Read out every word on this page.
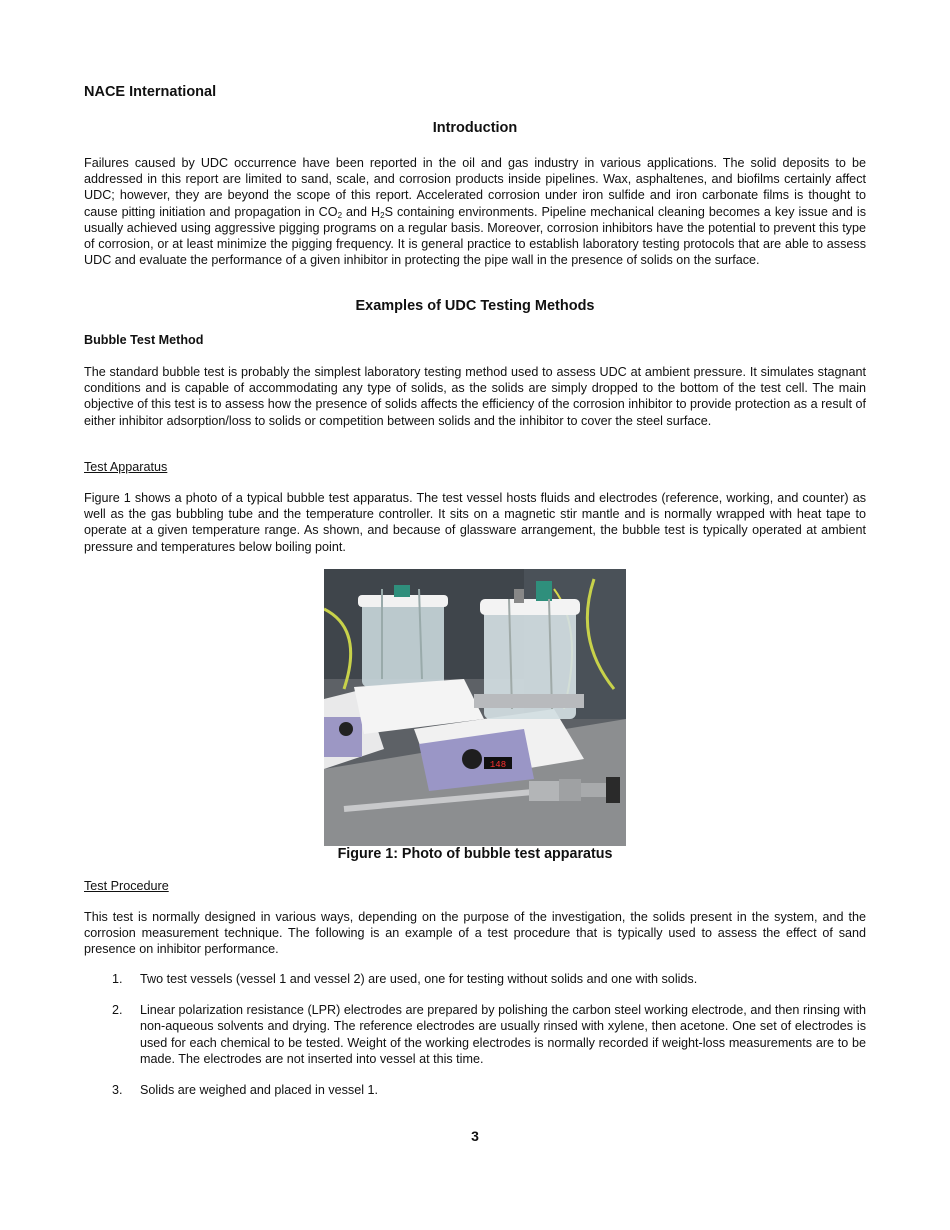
NACE International
Introduction

Failures caused by UDC occurrence have been reported in the oil and gas industry in various applications. The solid deposits to be addressed in this report are limited to sand, scale, and corrosion products inside pipelines. Wax, asphaltenes, and biofilms certainly affect UDC; however, they are beyond the scope of this report. Accelerated corrosion under iron sulfide and iron carbonate films is thought to cause pitting initiation and propagation in $CO_2$ and $H_2S$ containing environments. Pipeline mechanical cleaning becomes a key issue and is usually achieved using aggressive pigging programs on a regular basis. Moreover, corrosion inhibitors have the potential to prevent this type of corrosion, or at least minimize the pigging frequency. It is general practice to establish laboratory testing protocols that are able to assess UDC and evaluate the performance of a given inhibitor in protecting the pipe wall in the presence of solids on the surface.

Examples of UDC Testing Methods
Bubble Test Method

The standard bubble test is probably the simplest laboratory testing method used to assess UDC at ambient pressure. It simulates stagnant conditions and is capable of accommodating any type of solids, as the solids are simply dropped to the bottom of the test cell. The main objective of this test is to assess how the presence of solids affects the efficiency of the corrosion inhibitor to provide protection as a result of either inhibitor adsorption/loss to solids or competition between solids and the inhibitor to cover the steel surface.

Test Apparatus

Figure 1 shows a photo of a typical bubble test apparatus. The test vessel hosts fluids and electrodes (reference, working, and counter) as well as the gas bubbling tube and the temperature controller. It sits on a magnetic stir mantle and is normally wrapped with heat tape to operate at a given temperature range. As shown, and because of glassware arrangement, the bubble test is typically operated at ambient pressure and temperatures below boiling point.

148
Figure 1: Photo of bubble test apparatus
Test Procedure

This test is normally designed in various ways, depending on the purpose of the investigation, the solids present in the system, and the corrosion measurement technique. The following is an example of a test procedure that is typically used to assess the effect of sand presence on inhibitor performance.

1. Two test vessels (vessel 1 and vessel 2) are used, one for testing without solids and one with solids.
2. Linear polarization resistance (LPR) electrodes are prepared by polishing the carbon steel working electrode, and then rinsing with non-aqueous solvents and drying. The reference electrodes are usually rinsed with xylene, then acetone. One set of electrodes is used for each chemical to be tested. Weight of the working electrodes is normally recorded if weight-loss measurements are to be made. The electrodes are not inserted into vessel at this time.
3. Solids are weighed and placed in vessel 1.
3
